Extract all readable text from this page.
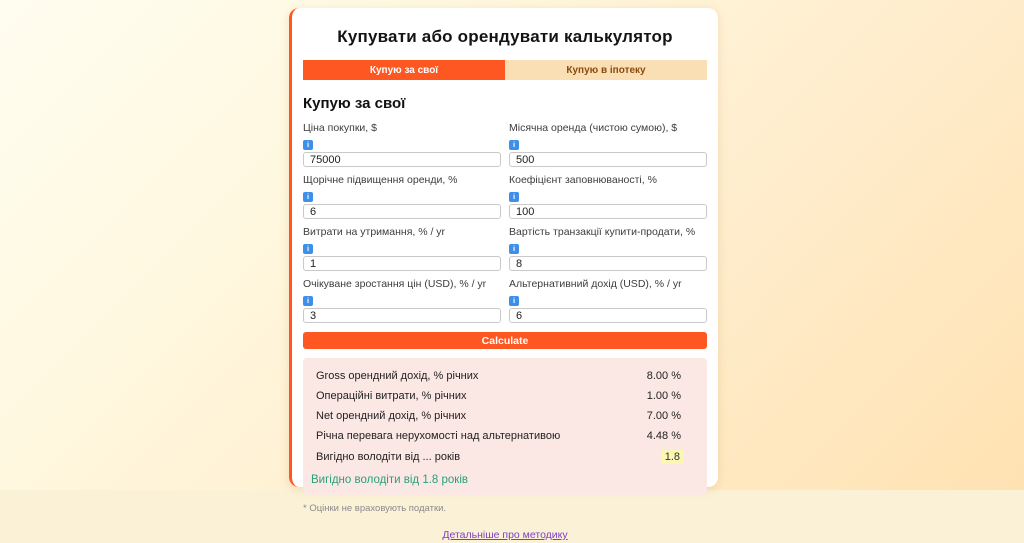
Купувати або орендувати калькулятор
Купую за свої	Купую в іпотеку
Купую за свої
Ціна покупки, $
i
75000
Місячна оренда (чистою сумою), $
i
500
Щорічне підвищення оренди, %
i
6
Коефіцієнт заповнюваності, %
i
100
Витрати на утримання, % / yr
i
1
Вартість транзакції купити-продати, %
i
8
Очікуване зростання цін (USD), % / yr
i
3
Альтернативний дохід (USD), % / yr
i
6
Calculate
Gross орендний дохід, % річних	8.00 %
Операційні витрати, % річних	1.00 %
Net орендний дохід, % річних	7.00 %
Річна перевага нерухомості над альтернативою	4.48 %
Вигідно володіти від ... років	1.8
Вигідно володіти від 1.8 років
* Оцінки не враховують податки.
Детальніше про методику
